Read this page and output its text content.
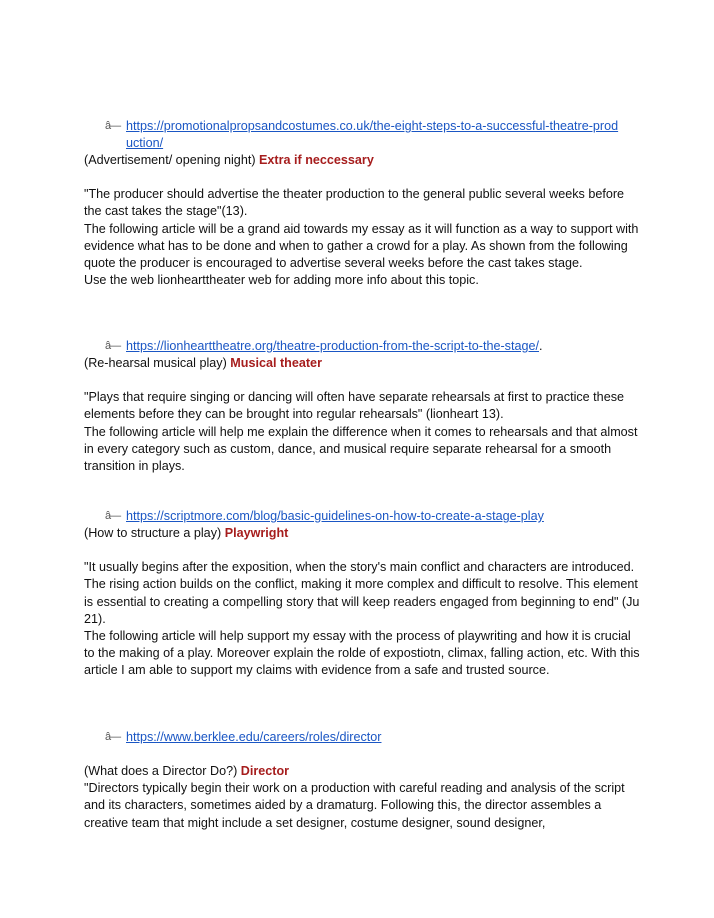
â— https://promotionalpropsandcostumes.co.uk/the-eight-steps-to-a-successful-theatre-prod
uction/
(Advertisement/ opening night) Extra if neccessary

"The producer should advertise the theater production to the general public several weeks before the cast takes the stage"(13).

The following article will be a grand aid towards my essay as it will function as a way to support with evidence what has to be done and when to gather a crowd for a play. As shown from the following quote the producer is encouraged to advertise several weeks before the cast takes stage.

Use the web lionhearttheater web for adding more info about this topic.

â— https://lionhearttheatre.org/theatre-production-from-the-script-to-the-stage/.
(Re-hearsal musical play) Musical theater

"Plays that require singing or dancing will often have separate rehearsals at first to practice these elements before they can be brought into regular rehearsals" (lionheart 13).

The following article will help me explain the difference when it comes to rehearsals and that almost in every category such as custom, dance, and musical require separate rehearsal for a smooth transition in plays.

â— https://scriptmore.com/blog/basic-guidelines-on-how-to-create-a-stage-play
(How to structure a play) Playwright

"It usually begins after the exposition, when the story's main conflict and characters are introduced. The rising action builds on the conflict, making it more complex and difficult to resolve. This element is essential to creating a compelling story that will keep readers engaged from beginning to end" (Ju 21).

The following article will help support my essay with the process of playwriting and how it is crucial to the making of a play. Moreover explain the rolde of expostiotn, climax, falling action, etc. With this article I am able to support my claims with evidence from a safe and trusted source.

â— https://www.berklee.edu/careers/roles/director
(What does a Director Do?) Director

"Directors typically begin their work on a production with careful reading and analysis of the script and its characters, sometimes aided by a dramaturg. Following this, the director assembles a creative team that might include a set designer, costume designer, sound designer,
